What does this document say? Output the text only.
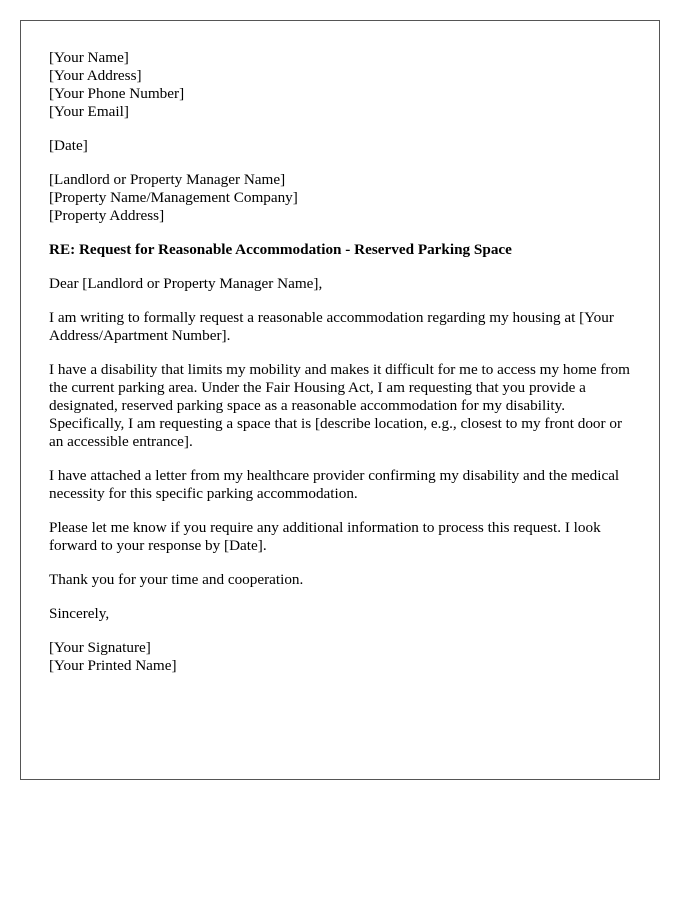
[Your Name]
[Your Address]
[Your Phone Number]
[Your Email]
[Date]
[Landlord or Property Manager Name]
[Property Name/Management Company]
[Property Address]

RE: Request for Reasonable Accommodation - Reserved Parking Space

Dear [Landlord or Property Manager Name],

I am writing to formally request a reasonable accommodation regarding my housing at [Your Address/Apartment Number].

I have a disability that limits my mobility and makes it difficult for me to access my home from the current parking area. Under the Fair Housing Act, I am requesting that you provide a designated, reserved parking space as a reasonable accommodation for my disability. Specifically, I am requesting a space that is [describe location, e.g., closest to my front door or an accessible entrance].

I have attached a letter from my healthcare provider confirming my disability and the medical necessity for this specific parking accommodation.

Please let me know if you require any additional information to process this request. I look forward to your response by [Date].

Thank you for your time and cooperation.

Sincerely,

[Your Signature]
[Your Printed Name]
